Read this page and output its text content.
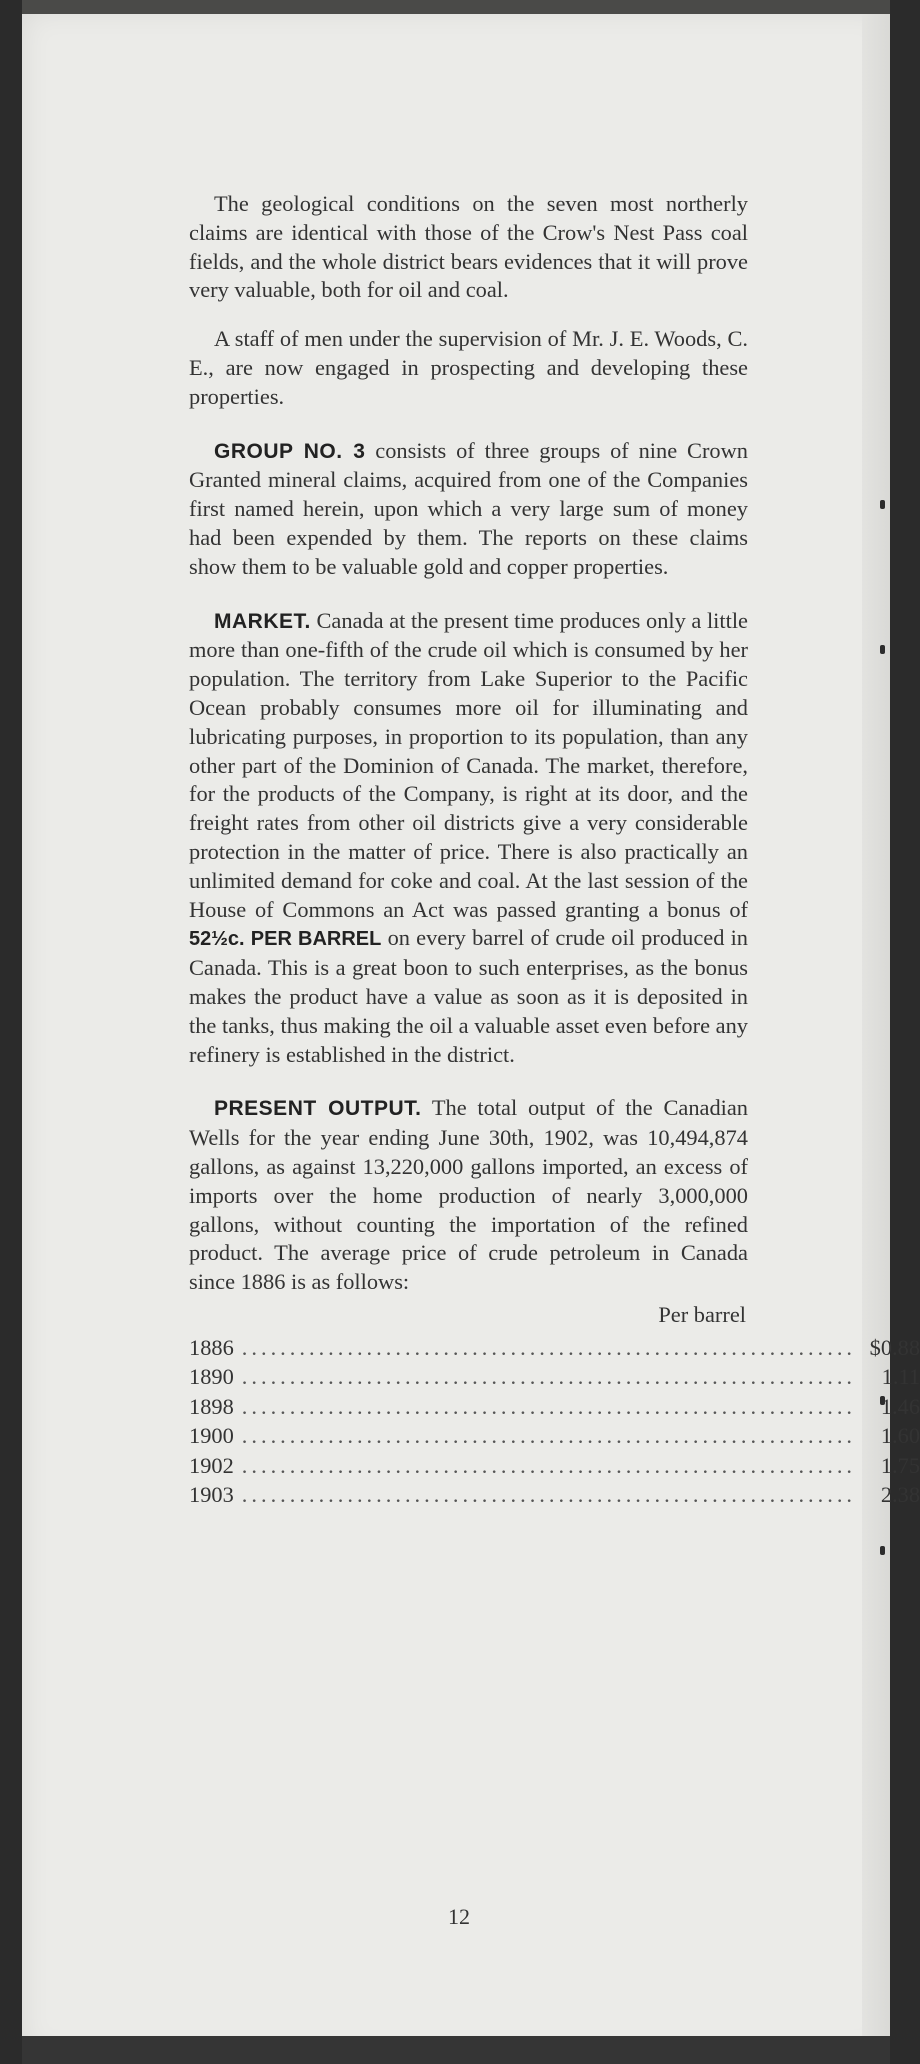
The geological conditions on the seven most northerly claims are identical with those of the Crow's Nest Pass coal fields, and the whole district bears evidences that it will prove very valuable, both for oil and coal.

A staff of men under the supervision of Mr. J. E. Woods, C. E., are now engaged in prospecting and developing these properties.

GROUP NO. 3 consists of three groups of nine Crown Granted mineral claims, acquired from one of the Companies first named herein, upon which a very large sum of money had been expended by them. The reports on these claims show them to be valuable gold and copper properties.

MARKET. Canada at the present time produces only a little more than one-fifth of the crude oil which is consumed by her population. The territory from Lake Superior to the Pacific Ocean probably consumes more oil for illuminating and lubricating purposes, in proportion to its population, than any other part of the Dominion of Canada. The market, therefore, for the products of the Company, is right at its door, and the freight rates from other oil districts give a very considerable protection in the matter of price. There is also practically an unlimited demand for coke and coal. At the last session of the House of Commons an Act was passed granting a bonus of 52½c. PER BARREL on every barrel of crude oil produced in Canada. This is a great boon to such enterprises, as the bonus makes the product have a value as soon as it is deposited in the tanks, thus making the oil a valuable asset even before any refinery is established in the district.

PRESENT OUTPUT. The total output of the Canadian Wells for the year ending June 30th, 1902, was 10,494,874 gallons, as against 13,220,000 gallons imported, an excess of imports over the home production of nearly 3,000,000 gallons, without counting the importation of the refined product. The average price of crude petroleum in Canada since 1886 is as follows:

Per barrel
1886 ................................................................ $0.88
1890 ................................................................	1.11
1898 ................................................................	1.46
1900 ................................................................	1.60
1902 ................................................................	1.75
1903 ................................................................	2.38
12
